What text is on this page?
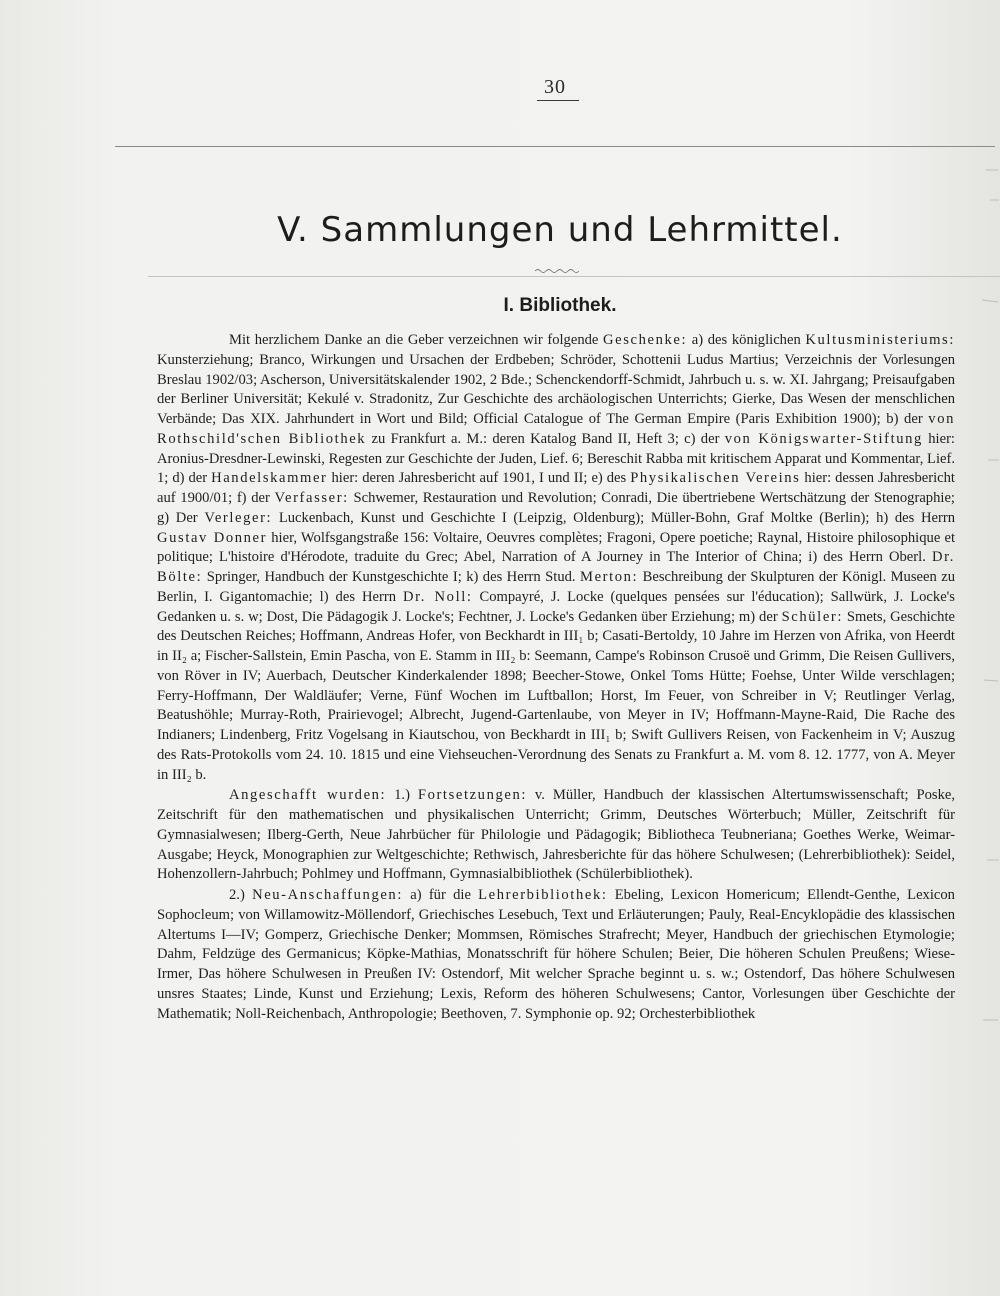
30
V. Sammlungen und Lehrmittel.
I. Bibliothek.

Mit herzlichem Danke an die Geber verzeichnen wir folgende Geschenke: a) des königlichen Kultusministeriums: Kunsterziehung; Branco, Wirkungen und Ursachen der Erdbeben; Schröder, Schottenii Ludus Martius; Verzeichnis der Vorlesungen Breslau 1902/03; Ascherson, Universitätskalender 1902, 2 Bde.; Schenckendorff-Schmidt, Jahrbuch u. s. w. XI. Jahrgang; Preisaufgaben der Berliner Universität; Kekulé v. Stradonitz, Zur Geschichte des archäologischen Unterrichts; Gierke, Das Wesen der menschlichen Verbände; Das XIX. Jahrhundert in Wort und Bild; Official Catalogue of The German Empire (Paris Exhibition 1900); b) der von Rothschild'schen Bibliothek zu Frankfurt a. M.: deren Katalog Band II, Heft 3; c) der von Königswarter-Stiftung hier: Aronius-Dresdner-Lewinski, Regesten zur Geschichte der Juden, Lief. 6; Bereschit Rabba mit kritischem Apparat und Kommentar, Lief. 1; d) der Handelskammer hier: deren Jahresbericht auf 1901, I und II; e) des Physikalischen Vereins hier: dessen Jahresbericht auf 1900/01; f) der Verfasser: Schwemer, Restauration und Revolution; Conradi, Die übertriebene Wertschätzung der Stenographie; g) Der Verleger: Luckenbach, Kunst und Geschichte I (Leipzig, Oldenburg); Müller-Bohn, Graf Moltke (Berlin); h) des Herrn Gustav Donner hier, Wolfsgangstraße 156: Voltaire, Oeuvres complètes; Fragoni, Opere poetiche; Raynal, Histoire philosophique et politique; L'histoire d'Hérodote, traduite du Grec; Abel, Narration of A Journey in The Interior of China; i) des Herrn Oberl. Dr. Bölte: Springer, Handbuch der Kunstgeschichte I; k) des Herrn Stud. Merton: Beschreibung der Skulpturen der Königl. Museen zu Berlin, I. Gigantomachie; l) des Herrn Dr. Noll: Compayré, J. Locke (quelques pensées sur l'éducation); Sallwürk, J. Locke's Gedanken u. s. w; Dost, Die Pädagogik J. Locke's; Fechtner, J. Locke's Gedanken über Erziehung; m) der Schüler: Smets, Geschichte des Deutschen Reiches; Hoffmann, Andreas Hofer, von Beckhardt in III₁ b; Casati-Bertoldy, 10 Jahre im Herzen von Afrika, von Heerdt in II₂ a; Fischer-Sallstein, Emin Pascha, von E. Stamm in III₂ b: Seemann, Campe's Robinson Crusoë und Grimm, Die Reisen Gullivers, von Röver in IV; Auerbach, Deutscher Kinderkalender 1898; Beecher-Stowe, Onkel Toms Hütte; Foehse, Unter Wilde verschlagen; Ferry-Hoffmann, Der Waldläufer; Verne, Fünf Wochen im Luftballon; Horst, Im Feuer, von Schreiber in V; Reutlinger Verlag, Beatushöhle; Murray-Roth, Prairievogel; Albrecht, Jugend-Gartenlaube, von Meyer in IV; Hoffmann-Mayne-Raid, Die Rache des Indianers; Lindenberg, Fritz Vogelsang in Kiautschou, von Beckhardt in III₁ b; Swift Gullivers Reisen, von Fackenheim in V; Auszug des Rats-Protokolls vom 24. 10. 1815 und eine Viehseuchen-Verordnung des Senats zu Frankfurt a. M. vom 8. 12. 1777, von A. Meyer in III₂ b.

Angeschafft wurden: 1.) Fortsetzungen: v. Müller, Handbuch der klassischen Altertumswissenschaft; Poske, Zeitschrift für den mathematischen und physikalischen Unterricht; Grimm, Deutsches Wörterbuch; Müller, Zeitschrift für Gymnasialwesen; Ilberg-Gerth, Neue Jahrbücher für Philologie und Pädagogik; Bibliotheca Teubneriana; Goethes Werke, Weimar-Ausgabe; Heyck, Monographien zur Weltgeschichte; Rethwisch, Jahresberichte für das höhere Schulwesen; (Lehrerbibliothek): Seidel, Hohenzollern-Jahrbuch; Pohlmey und Hoffmann, Gymnasialbibliothek (Schülerbibliothek).

2.) Neu-Anschaffungen: a) für die Lehrerbibliothek: Ebeling, Lexicon Homericum; Ellendt-Genthe, Lexicon Sophocleum; von Willamowitz-Möllendorf, Griechisches Lesebuch, Text und Erläuterungen; Pauly, Real-Encyklopädie des klassischen Altertums I—IV; Gomperz, Griechische Denker; Mommsen, Römisches Strafrecht; Meyer, Handbuch der griechischen Etymologie; Dahm, Feldzüge des Germanicus; Köpke-Mathias, Monatsschrift für höhere Schulen; Beier, Die höheren Schulen Preußens; Wiese-Irmer, Das höhere Schulwesen in Preußen IV: Ostendorf, Mit welcher Sprache beginnt u. s. w.; Ostendorf, Das höhere Schulwesen unsres Staates; Linde, Kunst und Erziehung; Lexis, Reform des höheren Schulwesens; Cantor, Vorlesungen über Geschichte der Mathematik; Noll-Reichenbach, Anthropologie; Beethoven, 7. Symphonie op. 92; Orchesterbibliothek
